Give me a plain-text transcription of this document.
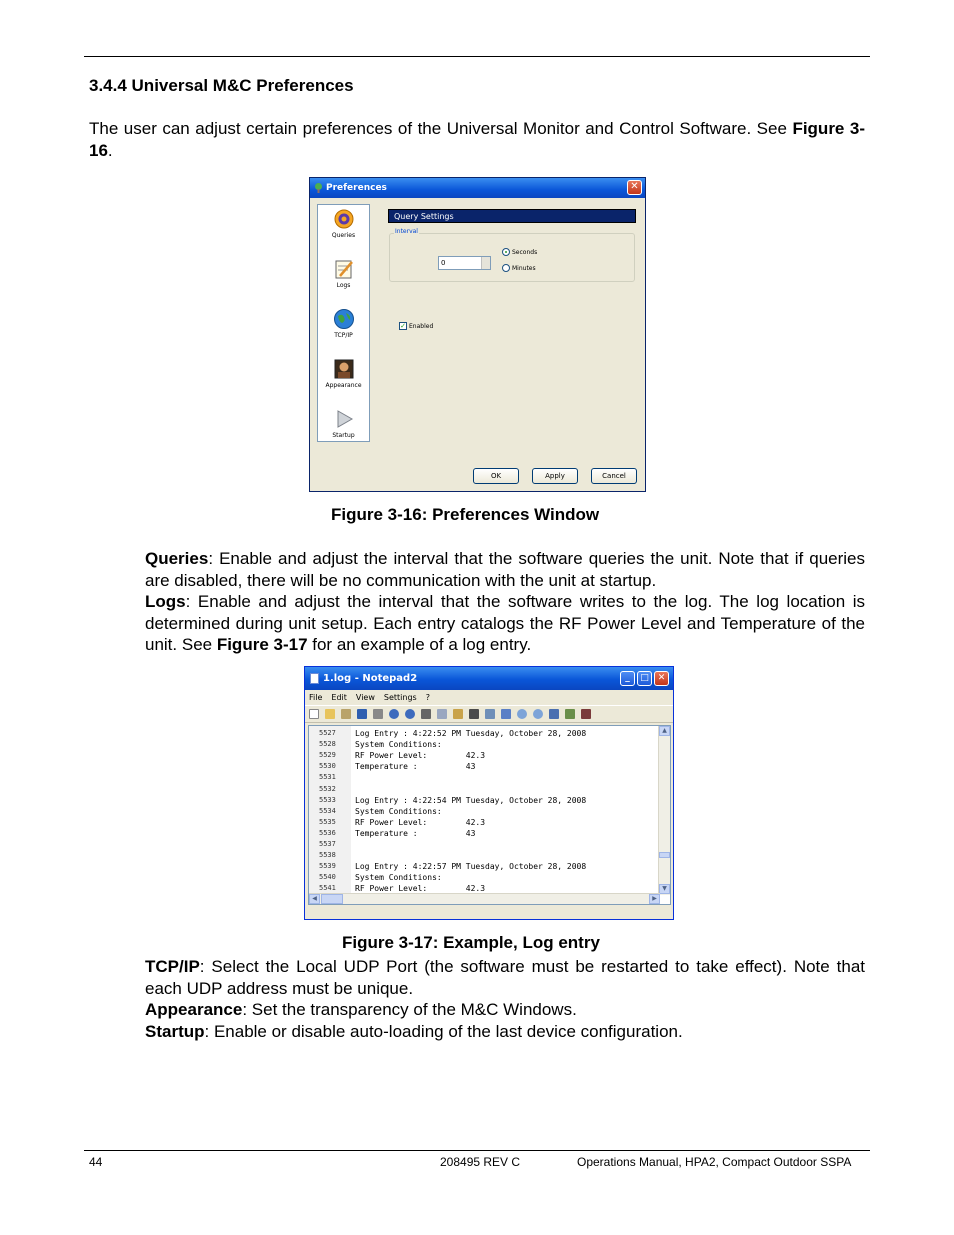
3.4.4 Universal M&C Preferences
The user can adjust certain preferences of the Universal Monitor and Control Software. See Figure 3-16.
Preferences	✕
Queries
Logs
TCP/IP
Appearance
Startup
Query Settings
Interval
0
Seconds
Minutes
✓ Enabled
OK	Apply	Cancel
Figure 3-16: Preferences Window
Queries: Enable and adjust the interval that the software queries the unit. Note that if queries are disabled, there will be no communication with the unit at startup.
Logs: Enable and adjust the interval that the software writes to the log. The log location is determined during unit setup. Each entry catalogs the RF Power Level and Temperature of the unit. See Figure 3-17 for an example of a log entry.
1.log - Notepad2	_	□ ✕
File Edit View Settings ?
5527	Log Entry : 4:22:52 PM Tuesday, October 28, 2008
5528	System Conditions:
5529	RF Power Level:        42.3
5530	Temperature :          43
5531
5532
5533	Log Entry : 4:22:54 PM Tuesday, October 28, 2008
5534	System Conditions:
5535	RF Power Level:        42.3
5536	Temperature :          43
5537
5538
5539	Log Entry : 4:22:57 PM Tuesday, October 28, 2008
5540	System Conditions:
5541	RF Power Level:        42.3
▲
▼
◀	▶
Figure 3-17: Example, Log entry
TCP/IP: Select the Local UDP Port (the software must be restarted to take effect). Note that each UDP address must be unique.
Appearance: Set the transparency of the M&C Windows.
Startup: Enable or disable auto-loading of the last device configuration.
44	208495 REV C	Operations Manual, HPA2, Compact Outdoor SSPA
